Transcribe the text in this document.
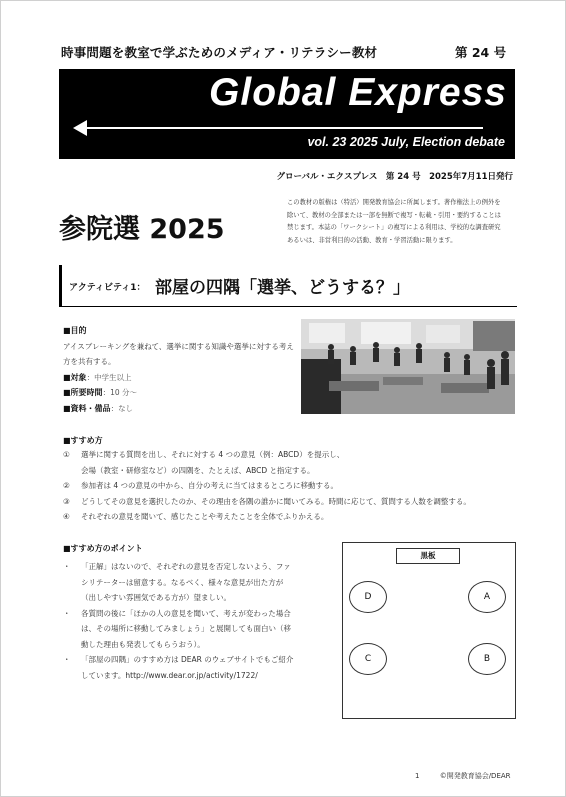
時事問題を教室で学ぶためのメディア・リテラシー教材	第 24 号
Global Express
vol. 23 2025 July, Election debate
グローバル・エクスプレス　第 24 号　2025年7月11日発行
この教材の版権は（特活）開発教育協会に所属します。著作権法上の例外を除いて、教材の全部または一部を無断で複写・転載・引用・要約することは禁じます。本誌の「ワークシート」の複写による利用は、学校的な調査研究あるいは、非営利目的の活動、教育・学習活動に限ります。
参院選 2025
アクティビティ1： 部屋の四隅「選挙、どうする？」
■目的
アイスブレーキングを兼ねて、選挙に関する知識や選挙に対する考え方を共有する。
■対象：中学生以上
■所要時間：10 分〜
■資料・備品：なし
■すすめ方
①	選挙に関する質問を出し、それに対する 4 つの意見（例：ABCD）を提示し、
会場（教室・研修室など）の四隅を、たとえば、ABCD と指定する。
②	参加者は 4 つの意見の中から、自分の考えに当てはまるところに移動する。
③	どうしてその意見を選択したのか、その理由を各隅の誰かに聞いてみる。時間に応じて、質問する人数を調整する。
④	それぞれの意見を聞いて、感じたことや考えたことを全体でふりかえる。
■すすめ方のポイント
・	「正解」はないので、それぞれの意見を否定しないよう、ファシリテーターは留意する。なるべく、様々な意見が出た方が（出しやすい雰囲気である方が）望ましい。
・	各質問の後に「ほかの人の意見を聞いて、考えが変わった場合は、その場所に移動してみましょう」と展開しても面白い（移動した理由も発表してもらうおう）。
・	「部屋の四隅」のすすめ方は DEAR のウェブサイトでもご紹介しています。http://www.dear.or.jp/activity/1722/
黒板
D	A
C	B
1	©開発教育協会/DEAR
